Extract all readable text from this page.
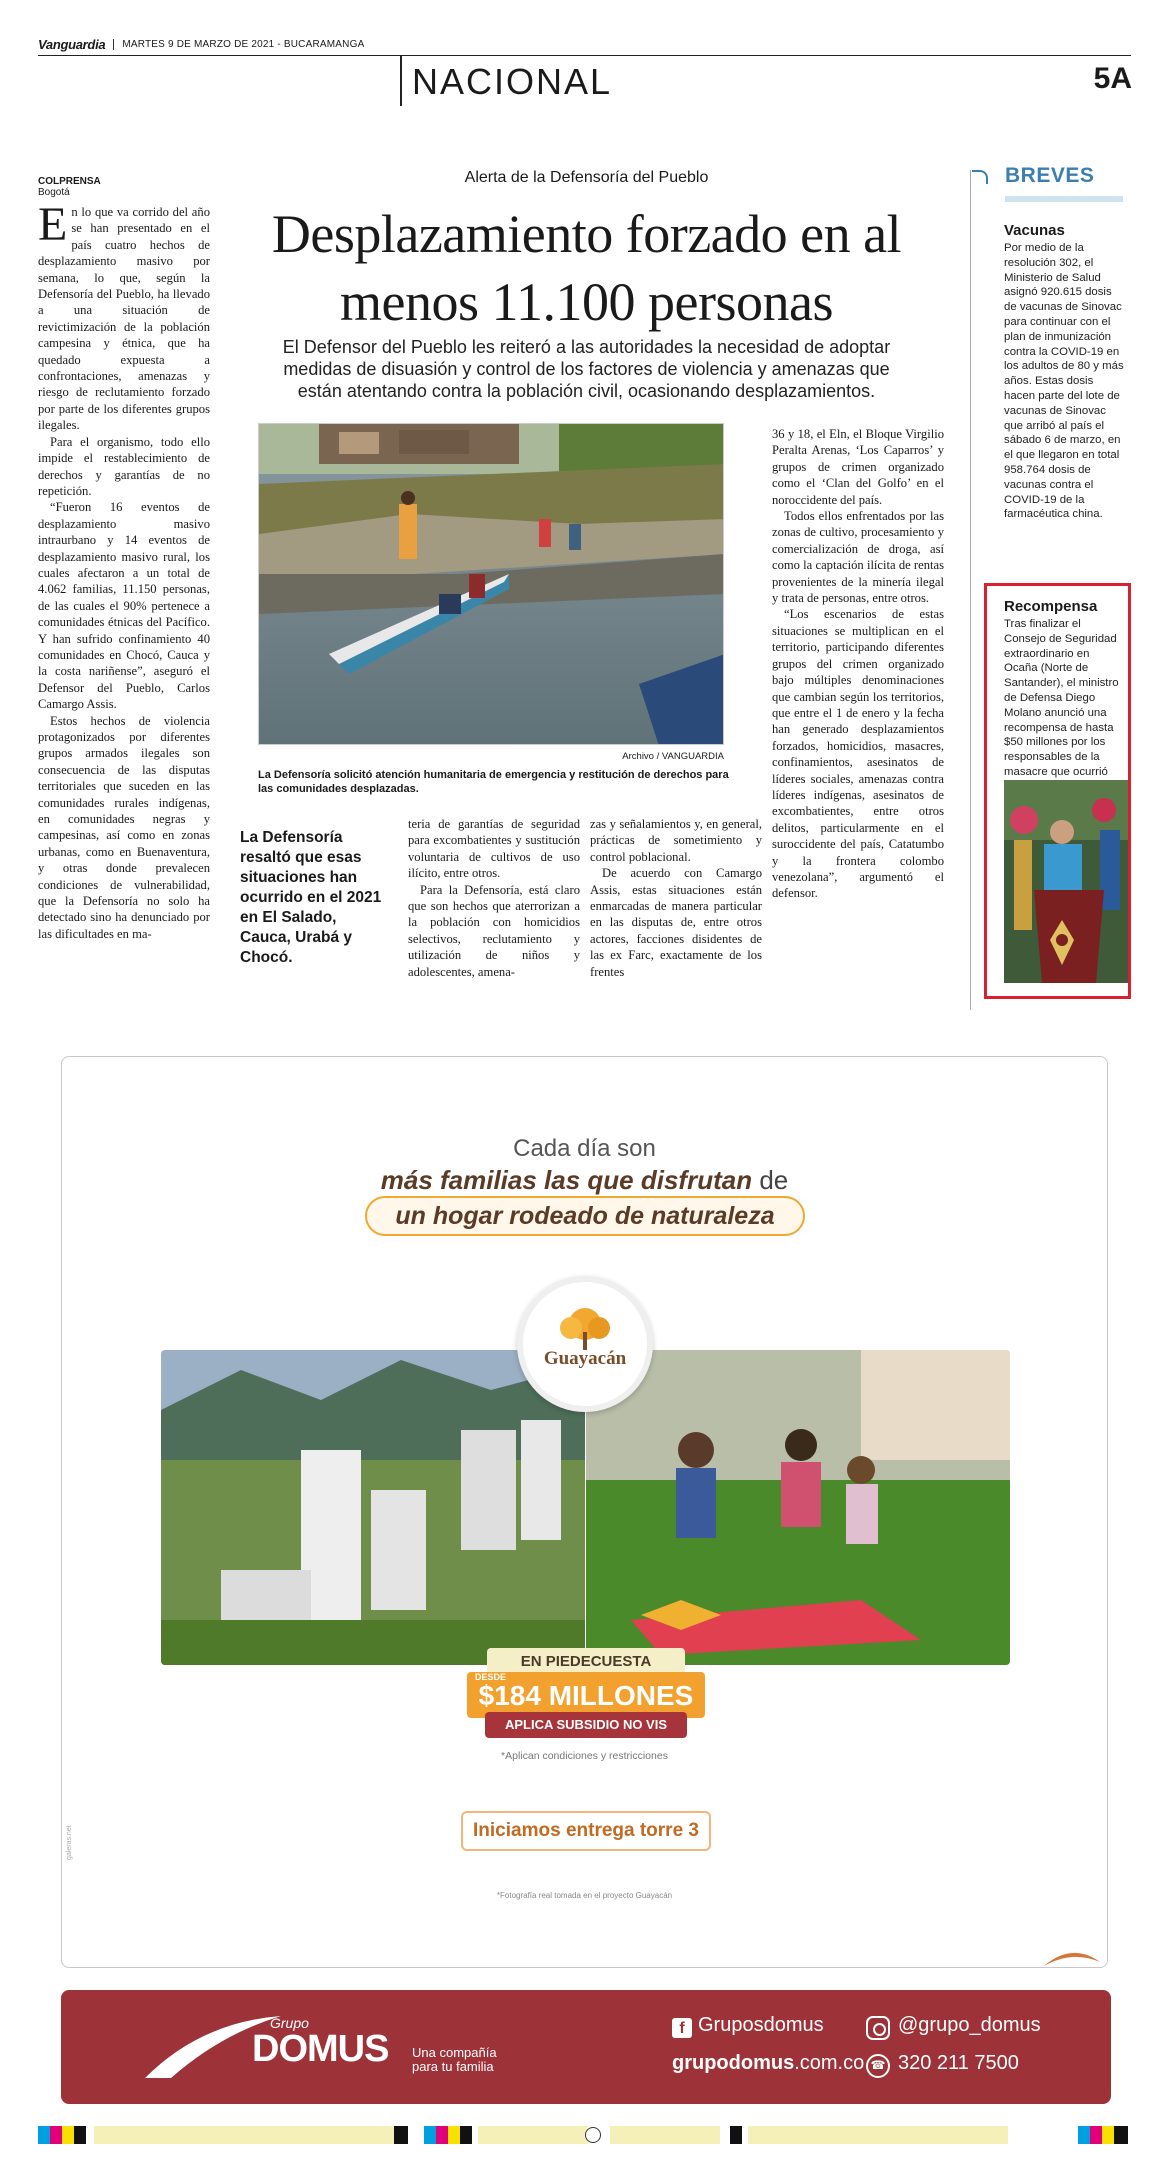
Vanguardia	MARTES 9 DE MARZO DE 2021 - BUCARAMANGA
NACIONAL	5A
COLPRENSA
Bogotá

En lo que va corrido del año se han presentado en el país cuatro hechos de desplazamiento masivo por semana, lo que, según la Defensoría del Pueblo, ha llevado a una situación de revictimización de la población campesina y étnica, que ha quedado expuesta a confrontaciones, amenazas y riesgo de reclutamiento forzado por parte de los diferentes grupos ilegales.

Para el organismo, todo ello impide el restablecimiento de derechos y garantías de no repetición.

“Fueron 16 eventos de desplazamiento masivo intraurbano y 14 eventos de desplazamiento masivo rural, los cuales afectaron a un total de 4.062 familias, 11.150 personas, de las cuales el 90% pertenece a comunidades étnicas del Pacífico. Y han sufrido confinamiento 40 comunidades en Chocó, Cauca y la costa nariñense”, aseguró el Defensor del Pueblo, Carlos Camargo Assis.

Estos hechos de violencia protagonizados por diferentes grupos armados ilegales son consecuencia de las disputas territoriales que suceden en las comunidades rurales indígenas, en comunidades negras y campesinas, así como en zonas urbanas, como en Buenaventura, y otras donde prevalecen condiciones de vulnerabilidad, que la Defensoría no solo ha detectado sino ha denunciado por las dificultades en ma-

Alerta de la Defensoría del Pueblo
Desplazamiento forzado en al menos 11.100 personas
El Defensor del Pueblo les reiteró a las autoridades la necesidad de adoptar medidas de disuasión y control de los factores de violencia y amenazas que están atentando contra la población civil, ocasionando desplazamientos.
Archivo / VANGUARDIA
La Defensoría solicitó atención humanitaria de emergencia y restitución de derechos para las comunidades desplazadas.
La Defensoría resaltó que esas situaciones han ocurrido en el 2021 en El Salado, Cauca, Urabá y Chocó.

teria de garantías de seguridad para excombatientes y sustitución voluntaria de cultivos de uso ilícito, entre otros.

Para la Defensoría, está claro que son hechos que aterrorizan a la población con homicidios selectivos, reclutamiento y utilización de niños y adolescentes, amena-

zas y señalamientos y, en general, prácticas de sometimiento y control poblacional.

De acuerdo con Camargo Assis, estas situaciones están enmarcadas de manera particular en las disputas de, entre otros actores, facciones disidentes de las ex Farc, exactamente de los frentes

36 y 18, el Eln, el Bloque Virgilio Peralta Arenas, ‘Los Caparros’ y grupos de crimen organizado como el ‘Clan del Golfo’ en el noroccidente del país.

Todos ellos enfrentados por las zonas de cultivo, procesamiento y comercialización de droga, así como la captación ilícita de rentas provenientes de la minería ilegal y trata de personas, entre otros.

“Los escenarios de estas situaciones se multiplican en el territorio, participando diferentes grupos del crimen organizado bajo múltiples denominaciones que cambian según los territorios, que entre el 1 de enero y la fecha han generado desplazamientos forzados, homicidios, masacres, confinamientos, asesinatos de líderes sociales, amenazas contra líderes indígenas, asesinatos de excombatientes, entre otros delitos, particularmente en el suroccidente del país, Catatumbo y la frontera colombo venezolana”, argumentó el defensor.

BREVES
Vacunas

Por medio de la resolución 302, el Ministerio de Salud asignó 920.615 dosis de vacunas de Sinovac para continuar con el plan de inmunización contra la COVID-19 en los adultos de 80 y más años. Estas dosis hacen parte del lote de vacunas de Sinovac que arribó al país el sábado 6 de marzo, en el que llegaron en total 958.764 dosis de vacunas contra el COVID-19 de la farmacéutica china.

Recompensa

Tras finalizar el Consejo de Seguridad extraordinario en Ocaña (Norte de Santander), el ministro de Defensa Diego Molano anunció una recompensa de hasta $50 millones por los responsables de la masacre que ocurrió

Cada día son
más familias las que disfrutan de
un hogar rodeado de naturaleza
Guayacán
EN PIEDECUESTA
DESDE
$184 MILLONES
APLICA SUBSIDIO NO VIS
*Aplican condiciones y restricciones
Iniciamos entrega torre 3
*Fotografía real tomada en el proyecto Guayacán
galeras.net
Grupo
DOMUS Una compañía para tu familia
f Gruposdomus	@grupo_domus
grupodomus.com.co ☎ 320 211 7500
